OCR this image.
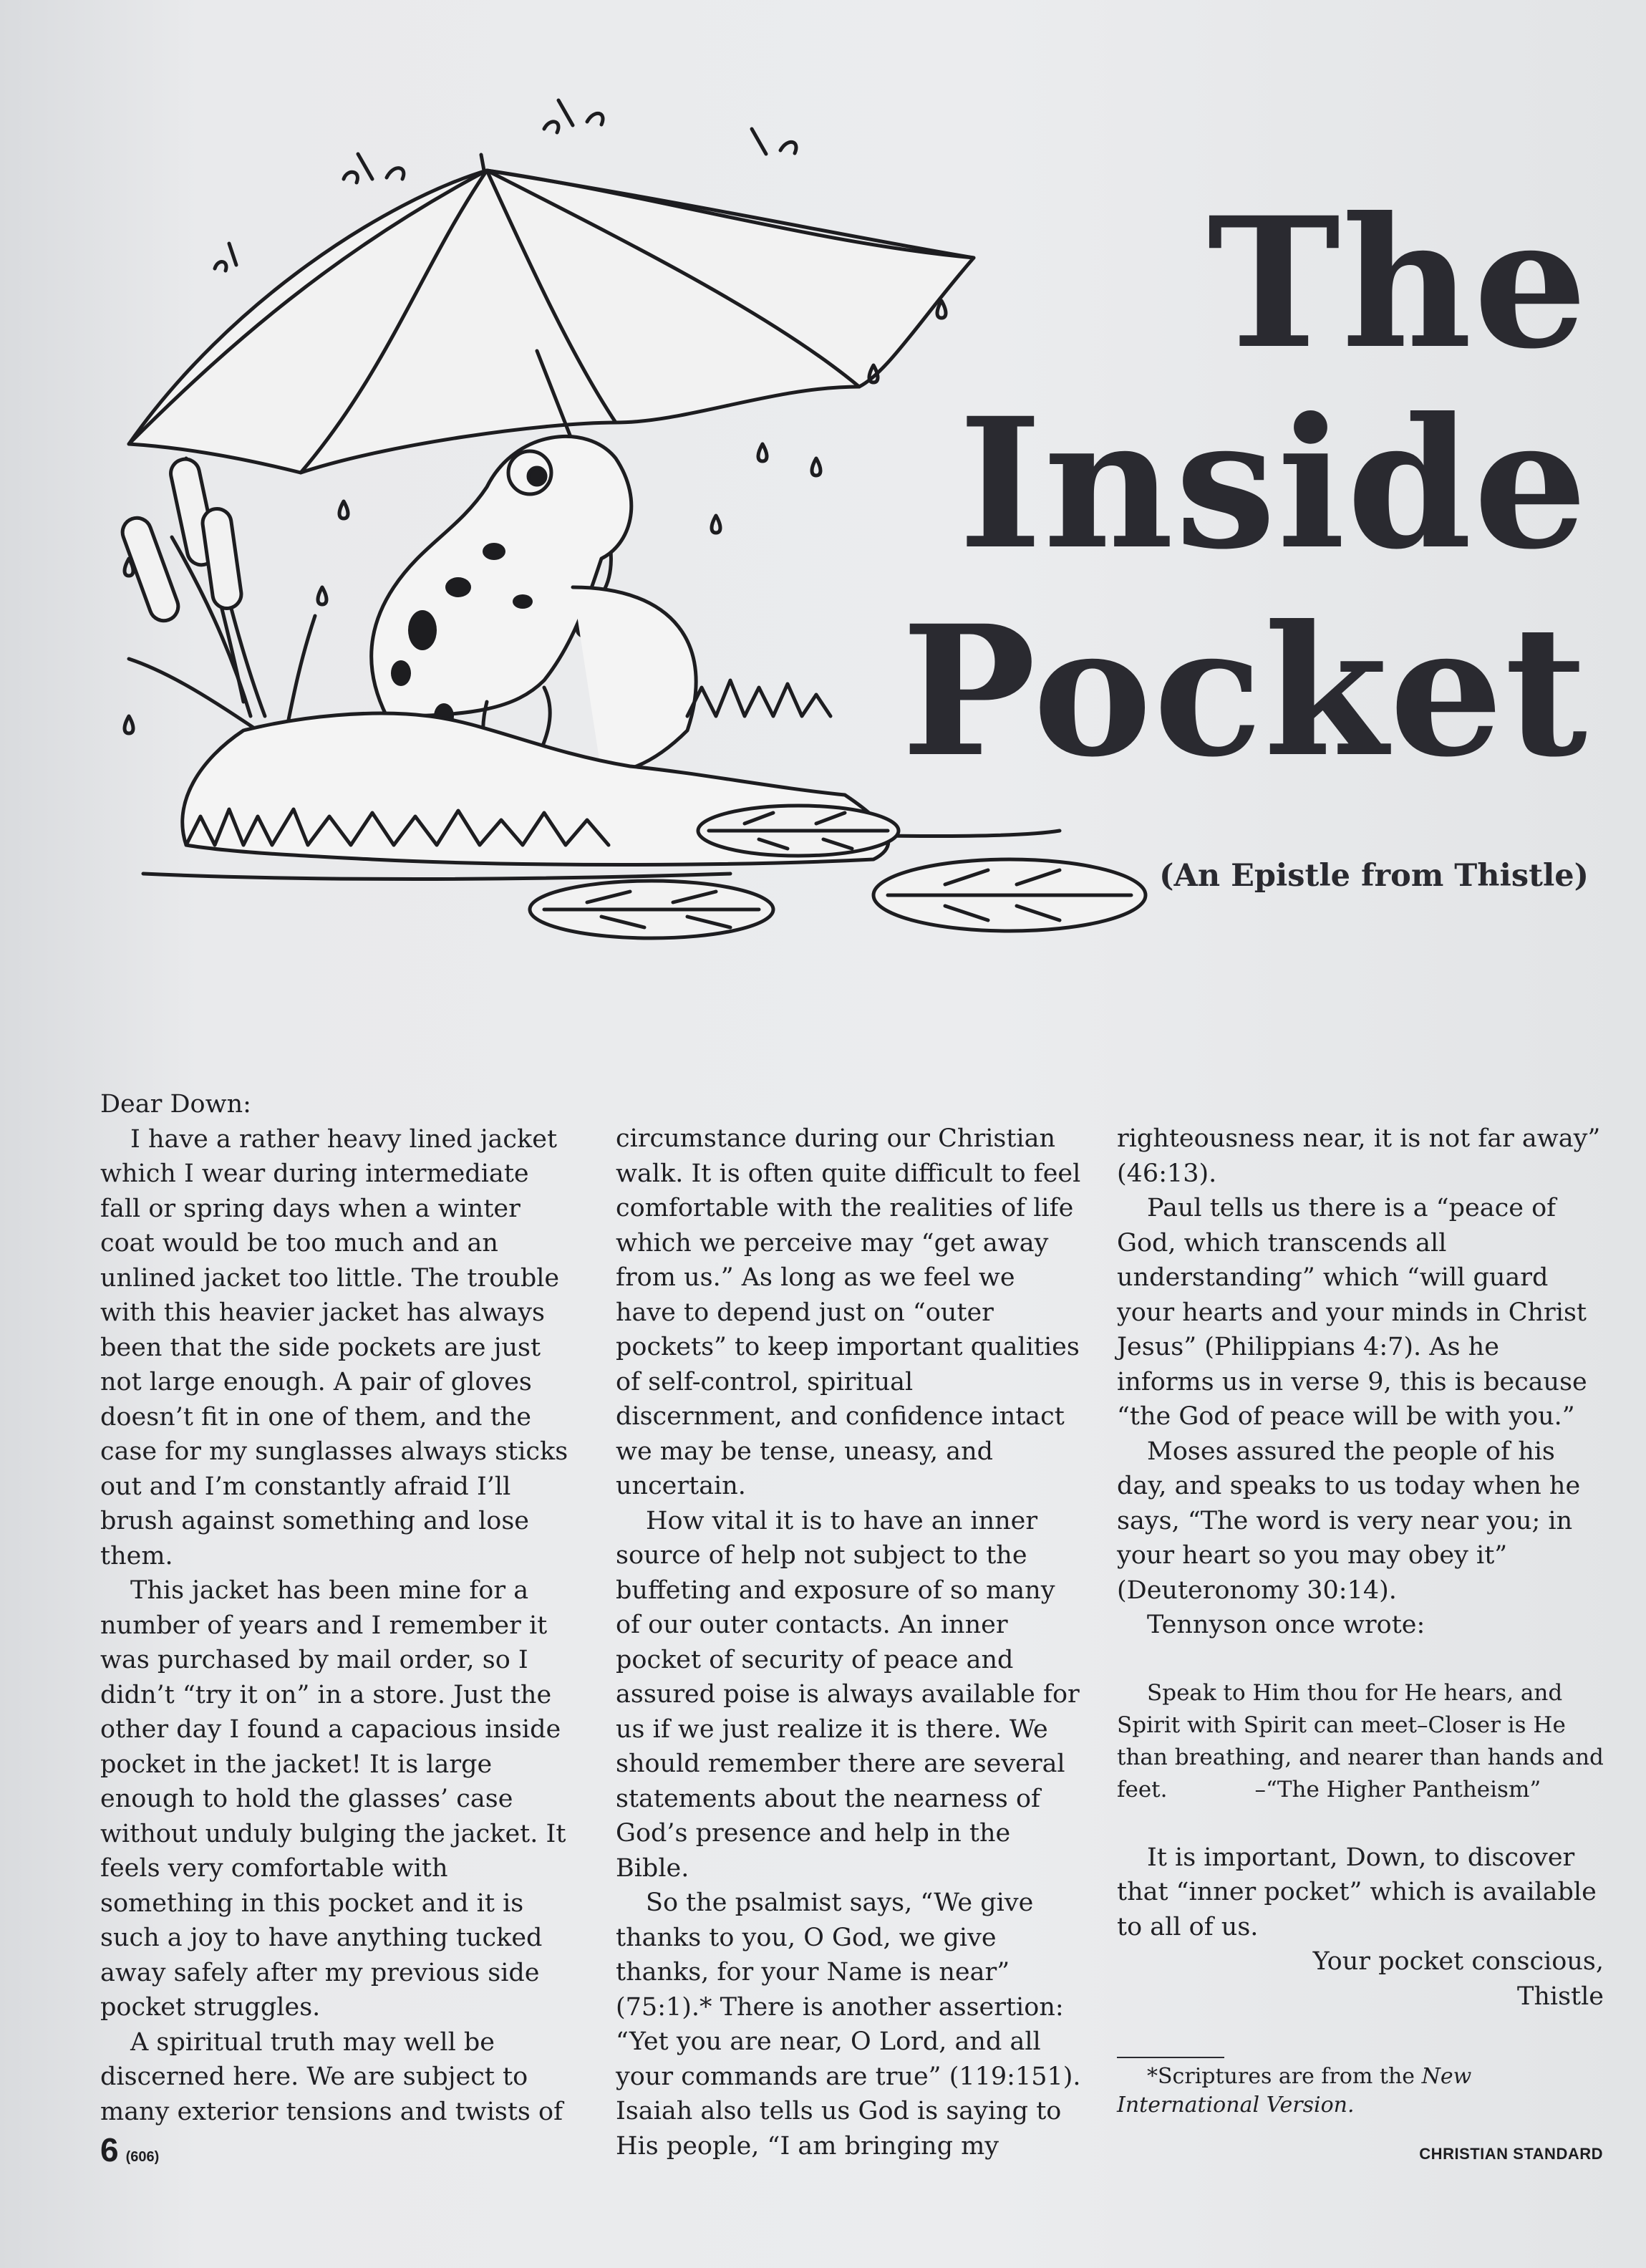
The
Inside
Pocket
(An Epistle from Thistle)

Dear Down:

I have a rather heavy lined jacket which I wear during intermediate fall or spring days when a winter coat would be too much and an unlined jacket too little. The trouble with this heavier jacket has always been that the side pockets are just not large enough. A pair of gloves doesn’t fit in one of them, and the case for my sunglasses always sticks out and I’m constantly afraid I’ll brush against something and lose them.

This jacket has been mine for a number of years and I remember it was purchased by mail order, so I didn’t “try it on” in a store. Just the other day I found a capacious inside pocket in the jacket! It is large enough to hold the glasses’ case without unduly bulging the jacket. It feels very comfortable with something in this pocket and it is such a joy to have anything tucked away safely after my previous side pocket struggles.

A spiritual truth may well be discerned here. We are subject to many exterior tensions and twists of

circumstance during our Christian walk. It is often quite difficult to feel comfortable with the realities of life which we perceive may “get away from us.” As long as we feel we have to depend just on “outer pockets” to keep important qualities of self-control, spiritual discernment, and confidence intact we may be tense, uneasy, and uncertain.

How vital it is to have an inner source of help not subject to the buffeting and exposure of so many of our outer contacts. An inner pocket of security of peace and assured poise is always available for us if we just realize it is there. We should remember there are several statements about the nearness of God’s presence and help in the Bible.

So the psalmist says, “We give thanks to you, O God, we give thanks, for your Name is near” (75:1).* There is another assertion: “Yet you are near, O Lord, and all your commands are true” (119:151). Isaiah also tells us God is saying to His people, “I am bringing my

righteousness near, it is not far away” (46:13).

Paul tells us there is a “peace of God, which transcends all understanding” which “will guard your hearts and your minds in Christ Jesus” (Philippians 4:7). As he informs us in verse 9, this is because “the God of peace will be with you.”

Moses assured the people of his day, and speaks to us today when he says, “The word is very near you; in your heart so you may obey it” (Deuteronomy 30:14).

Tennyson once wrote:

Speak to Him thou for He hears, and Spirit with Spirit can meet–Closer is He than breathing, and nearer than hands and feet.	–“The Higher Pantheism”

It is important, Down, to discover that “inner pocket” which is available to all of us.

Your pocket conscious,

Thistle

*Scriptures are from the New International Version.

6 (606)	CHRISTIAN STANDARD
